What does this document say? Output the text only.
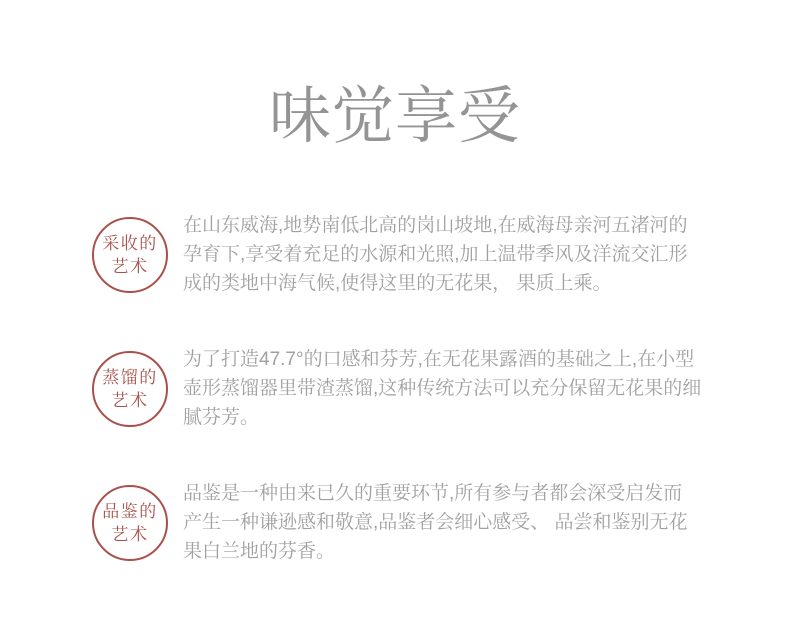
味觉享受
采收的
艺术
在山东威海,地势南低北高的岗山坡地,在威海母亲河五渚河的
孕育下,享受着充足的水源和光照,加上温带季风及洋流交汇形
成的类地中海气候,使得这里的无花果， 果质上乘。
蒸馏的
艺术
为了打造47.7°的口感和芬芳,在无花果露酒的基础之上,在小型
壶形蒸馏器里带渣蒸馏,这种传统方法可以充分保留无花果的细
腻芬芳。
品鉴的
艺术
品鉴是一种由来已久的重要环节,所有参与者都会深受启发而
产生一种谦逊感和敬意,品鉴者会细心感受、 品尝和鉴别无花
果白兰地的芬香。
